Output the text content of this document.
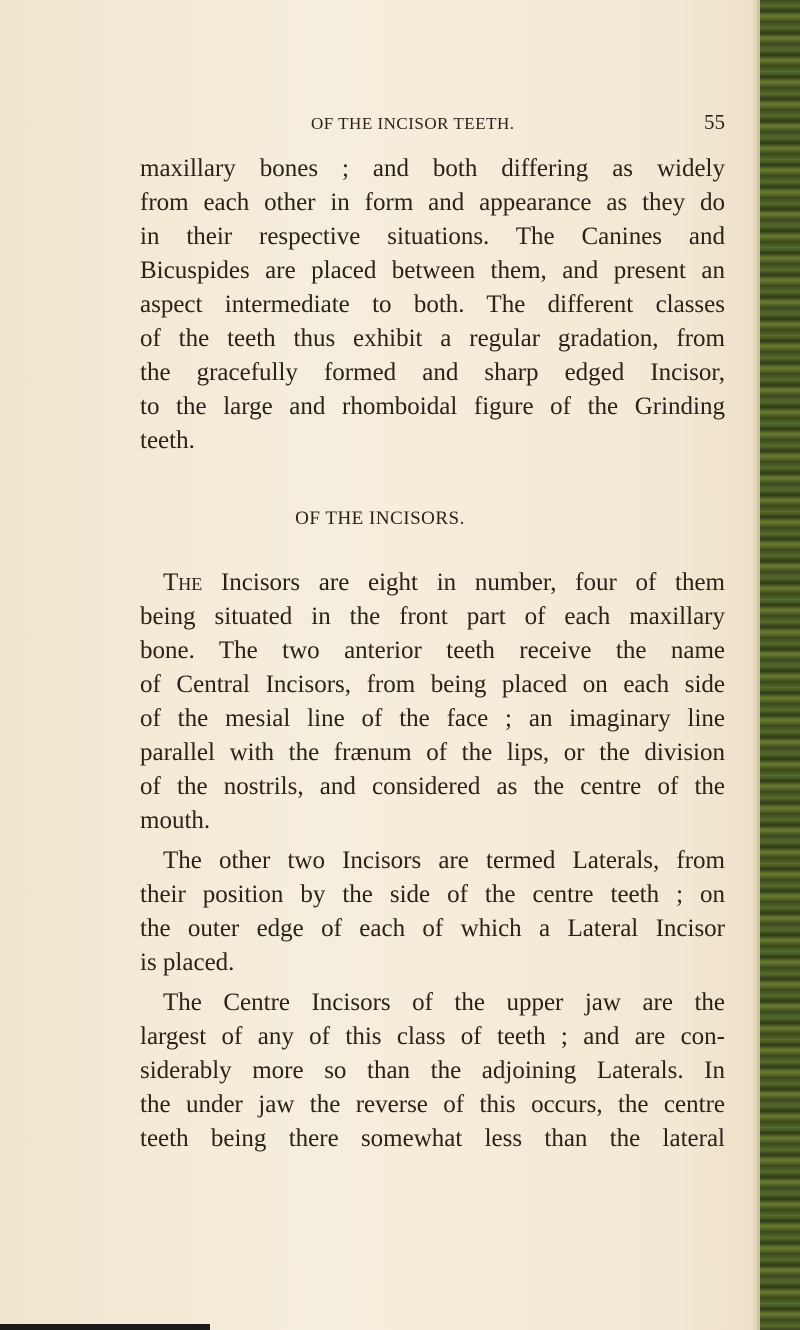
OF THE INCISOR TEETH.	55
maxillary bones ; and both differing as widely
from each other in form and appearance as they do
in their respective situations. The Canines and
Bicuspides are placed between them, and present an
aspect intermediate to both. The different classes
of the teeth thus exhibit a regular gradation, from
the gracefully formed and sharp edged Incisor,
to the large and rhomboidal figure of the Grinding
teeth.
OF THE INCISORS.
The Incisors are eight in number, four of them
being situated in the front part of each maxillary
bone. The two anterior teeth receive the name
of Central Incisors, from being placed on each side
of the mesial line of the face ; an imaginary line
parallel with the frænum of the lips, or the division
of the nostrils, and considered as the centre of the
mouth.
The other two Incisors are termed Laterals, from
their position by the side of the centre teeth ; on
the outer edge of each of which a Lateral Incisor
is placed.
The Centre Incisors of the upper jaw are the
largest of any of this class of teeth ; and are con-
siderably more so than the adjoining Laterals. In
the under jaw the reverse of this occurs, the centre
teeth being there somewhat less than the lateral
